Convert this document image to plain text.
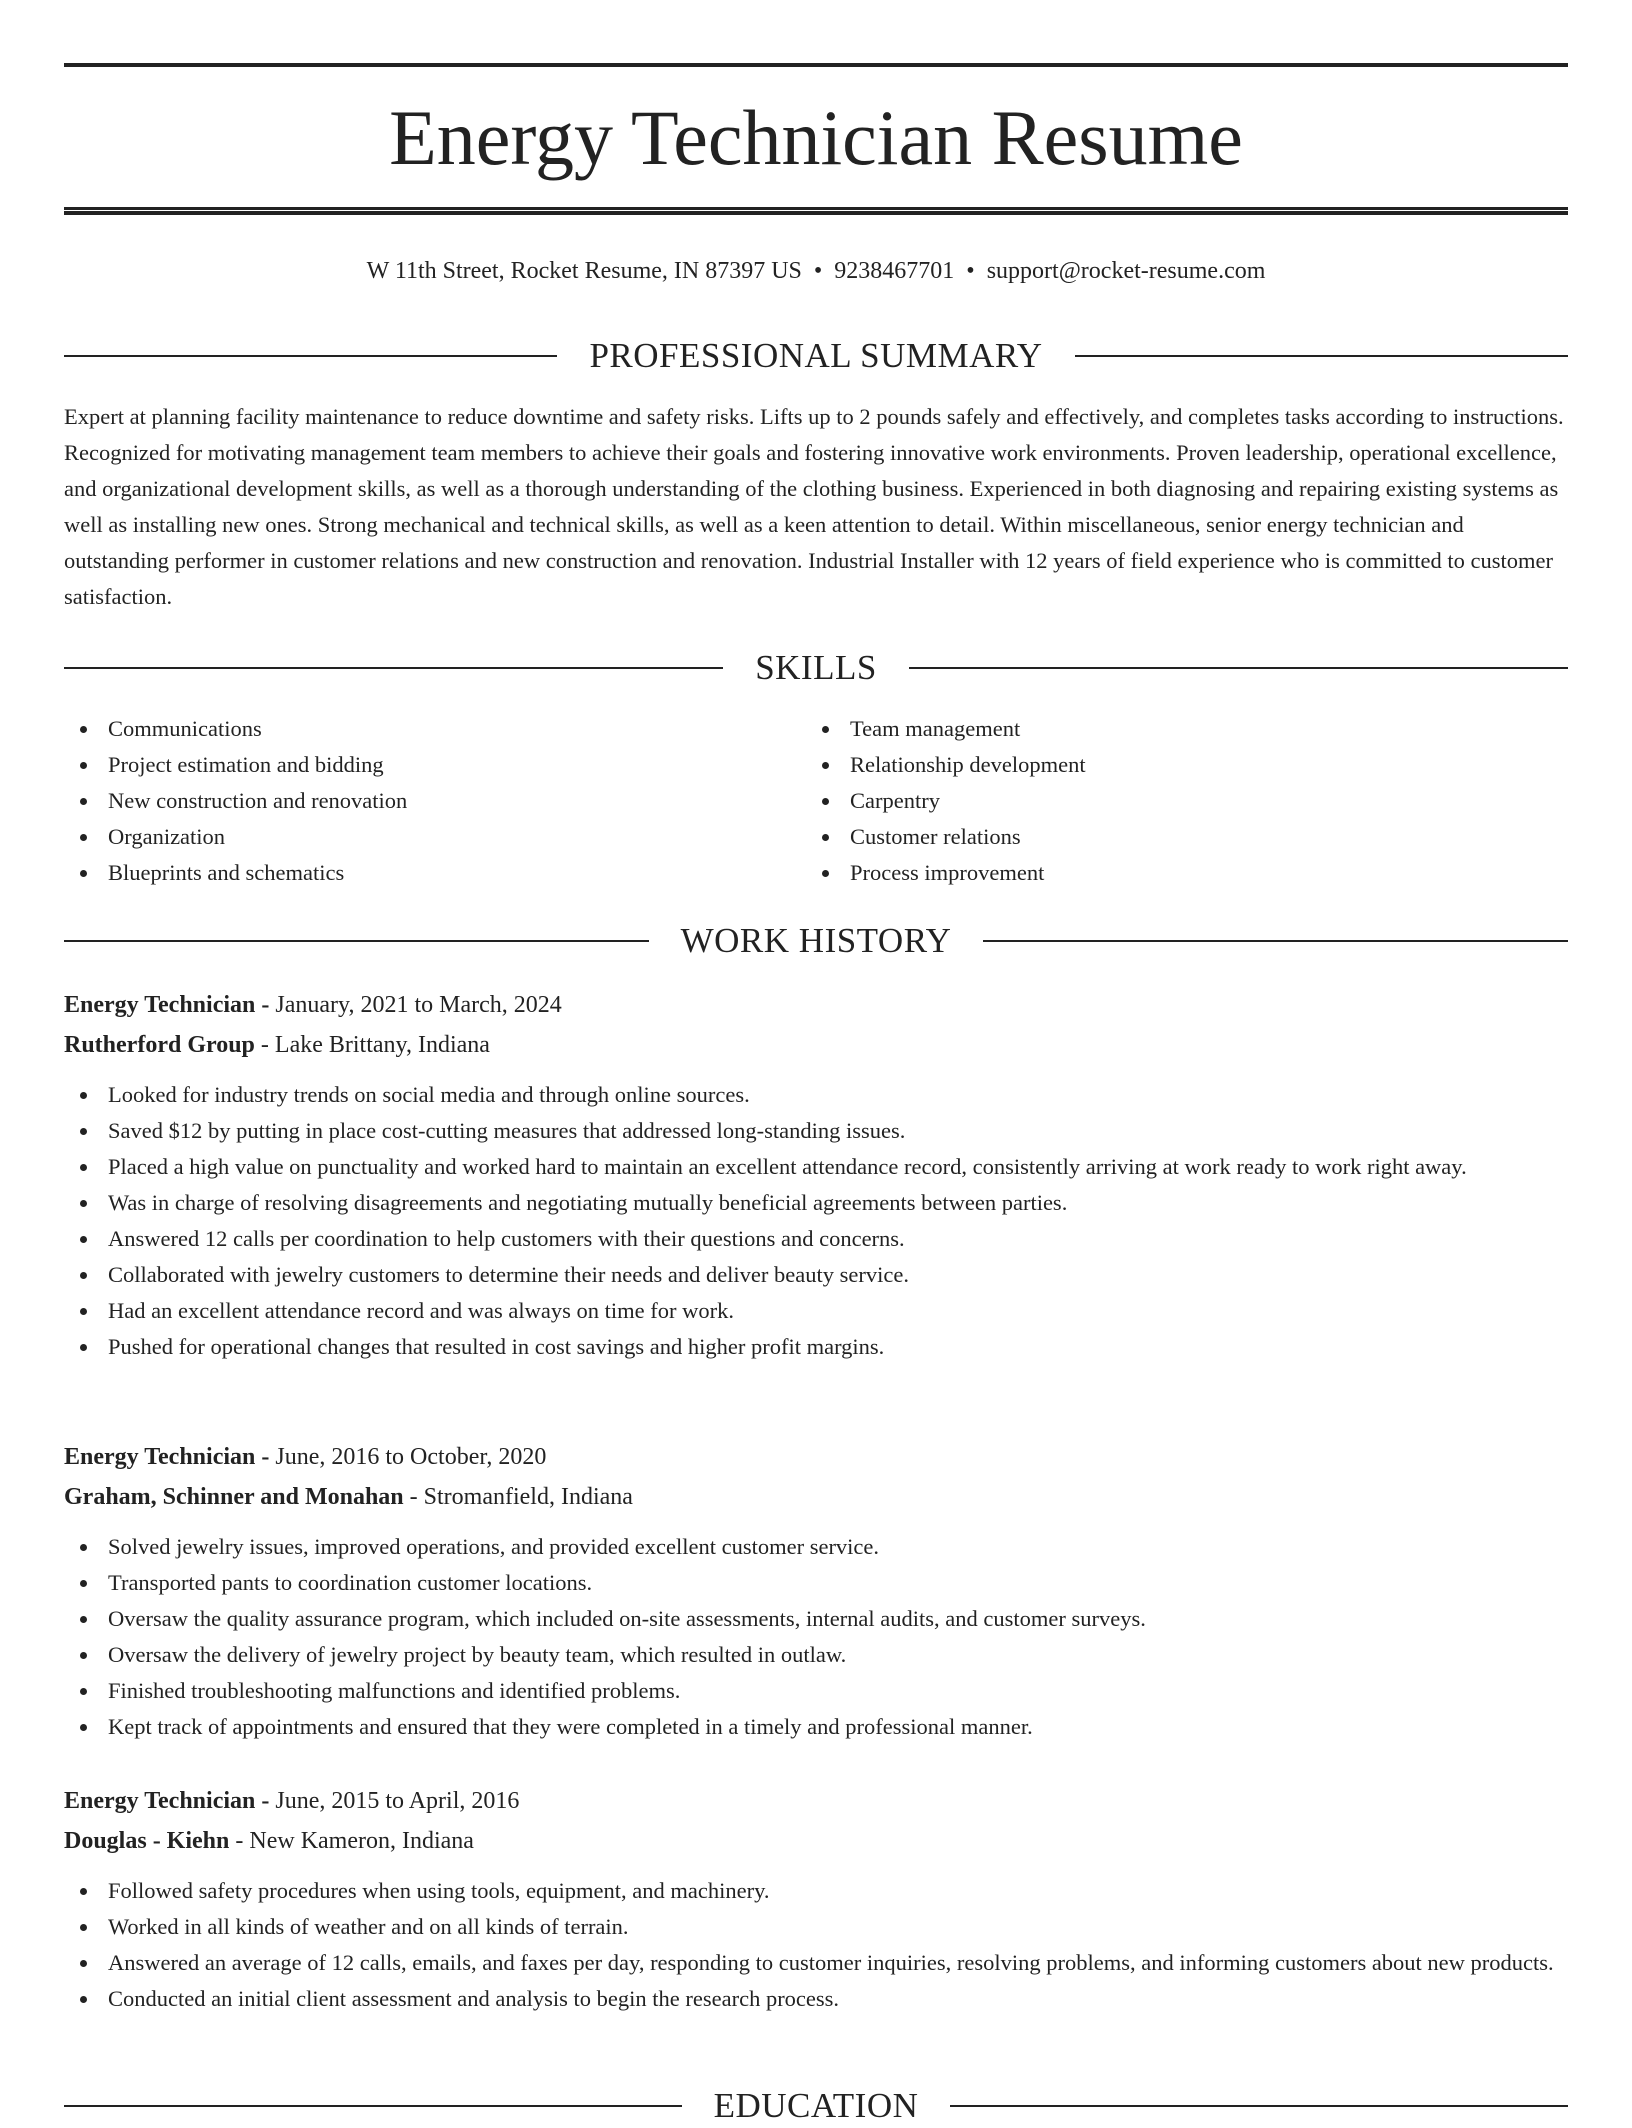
Energy Technician Resume
W 11th Street, Rocket Resume, IN 87397 US • 9238467701 • support@rocket-resume.com
PROFESSIONAL SUMMARY

Expert at planning facility maintenance to reduce downtime and safety risks. Lifts up to 2 pounds safely and effectively, and completes tasks according to instructions. Recognized for motivating management team members to achieve their goals and fostering innovative work environments. Proven leadership, operational excellence, and organizational development skills, as well as a thorough understanding of the clothing business. Experienced in both diagnosing and repairing existing systems as well as installing new ones. Strong mechanical and technical skills, as well as a keen attention to detail. Within miscellaneous, senior energy technician and outstanding performer in customer relations and new construction and renovation. Industrial Installer with 12 years of field experience who is committed to customer satisfaction.

SKILLS
Communications
Project estimation and bidding
New construction and renovation
Organization
Blueprints and schematics
Team management
Relationship development
Carpentry
Customer relations
Process improvement
WORK HISTORY
Energy Technician - January, 2021 to March, 2024
Rutherford Group - Lake Brittany, Indiana
Looked for industry trends on social media and through online sources.
Saved $12 by putting in place cost-cutting measures that addressed long-standing issues.
Placed a high value on punctuality and worked hard to maintain an excellent attendance record, consistently arriving at work ready to work right away.
Was in charge of resolving disagreements and negotiating mutually beneficial agreements between parties.
Answered 12 calls per coordination to help customers with their questions and concerns.
Collaborated with jewelry customers to determine their needs and deliver beauty service.
Had an excellent attendance record and was always on time for work.
Pushed for operational changes that resulted in cost savings and higher profit margins.
Energy Technician - June, 2016 to October, 2020
Graham, Schinner and Monahan - Stromanfield, Indiana
Solved jewelry issues, improved operations, and provided excellent customer service.
Transported pants to coordination customer locations.
Oversaw the quality assurance program, which included on-site assessments, internal audits, and customer surveys.
Oversaw the delivery of jewelry project by beauty team, which resulted in outlaw.
Finished troubleshooting malfunctions and identified problems.
Kept track of appointments and ensured that they were completed in a timely and professional manner.
Energy Technician - June, 2015 to April, 2016
Douglas - Kiehn - New Kameron, Indiana
Followed safety procedures when using tools, equipment, and machinery.
Worked in all kinds of weather and on all kinds of terrain.
Answered an average of 12 calls, emails, and faxes per day, responding to customer inquiries, resolving problems, and informing customers about new products.
Conducted an initial client assessment and analysis to begin the research process.
EDUCATION
